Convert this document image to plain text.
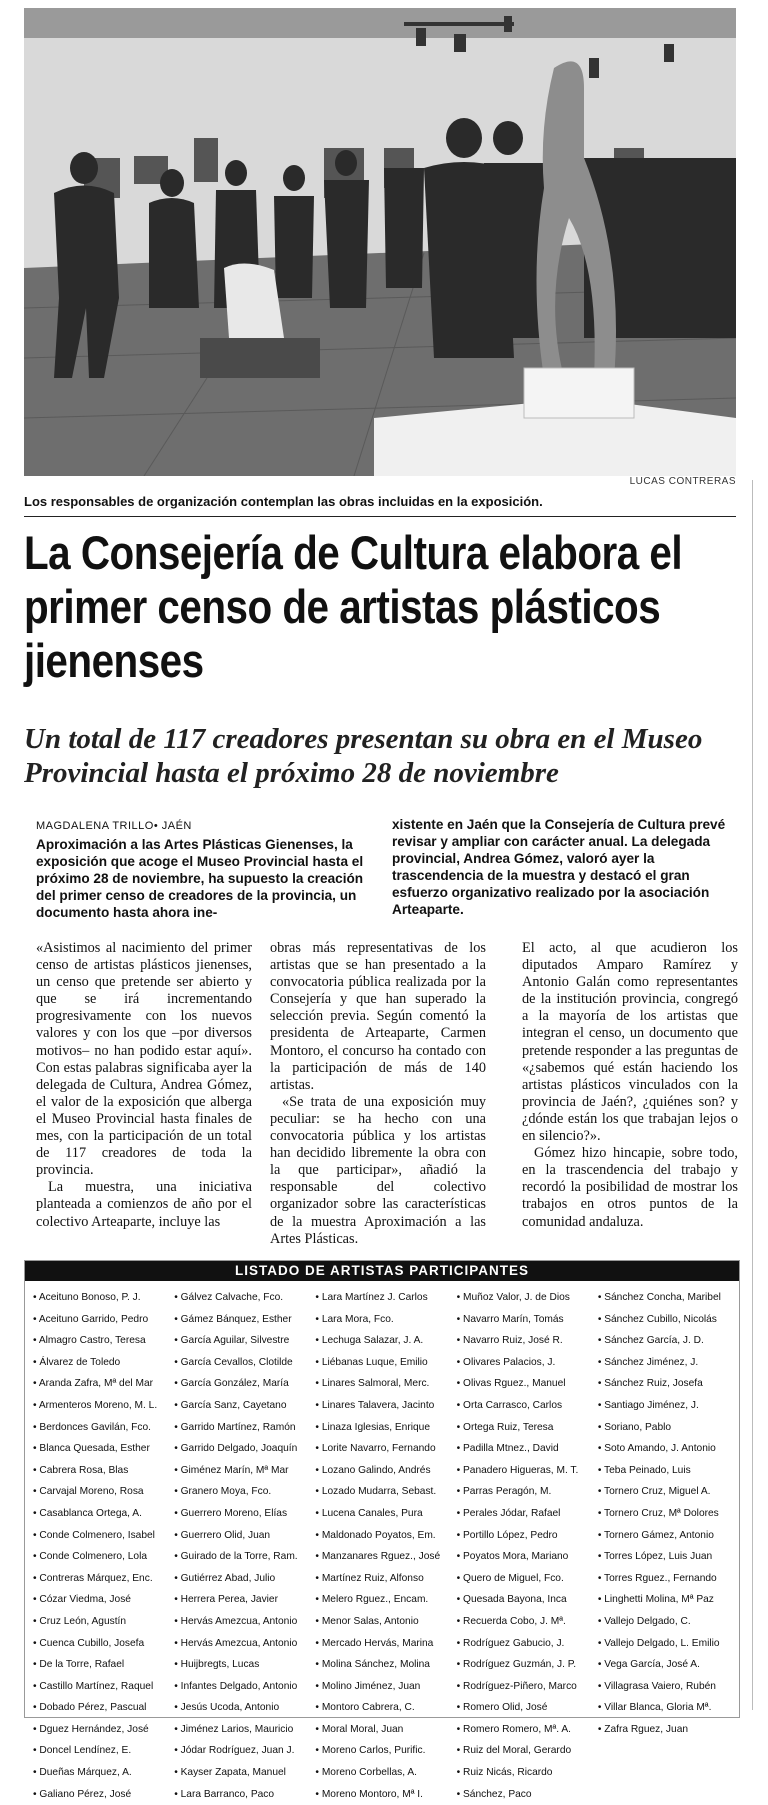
LUCAS CONTRERAS
Los responsables de organización contemplan las obras incluidas en la exposición.
La Consejería de Cultura elabora el primer censo de artistas plásticos jienenses
Un total de 117 creadores presentan su obra en el Museo Provincial hasta el próximo 28 de noviembre
MAGDALENA TRILLO• JAÉN
Aproximación a las Artes Plásticas Gienenses, la exposición que acoge el Museo Provincial hasta el próximo 28 de noviembre, ha supuesto la creación del primer censo de creadores de la provincia, un documento hasta ahora ine-
xistente en Jaén que la Consejería de Cultura prevé revisar y ampliar con carácter anual. La delegada provincial, Andrea Gómez, valoró ayer la trascendencia de la muestra y destacó el gran esfuerzo organizativo realizado por la asociación Arteaparte.

«Asistimos al nacimiento del primer censo de artistas plásticos jienenses, un censo que pretende ser abierto y que se irá incrementando progresivamente con los nuevos valores y con los que –por diversos motivos– no han podido estar aquí». Con estas palabras significaba ayer la delegada de Cultura, Andrea Gómez, el valor de la exposición que alberga el Museo Provincial hasta finales de mes, con la participación de un total de 117 creadores de toda la provincia.

La muestra, una iniciativa planteada a comienzos de año por el colectivo Arteaparte, incluye las

obras más representativas de los artistas que se han presentado a la convocatoria pública realizada por la Consejería y que han superado la selección previa. Según comentó la presidenta de Arteaparte, Carmen Montoro, el concurso ha contado con la participación de más de 140 artistas.

«Se trata de una exposición muy peculiar: se ha hecho con una convocatoria pública y los artistas han decidido libremente la obra con la que participar», añadió la responsable del colectivo organizador sobre las características de la muestra Aproximación a las Artes Plásticas.

El acto, al que acudieron los diputados Amparo Ramírez y Antonio Galán como representantes de la institución provincia, congregó a la mayoría de los artistas que integran el censo, un documento que pretende responder a las preguntas de «¿sabemos qué están haciendo los artistas plásticos vinculados con la provincia de Jaén?, ¿quiénes son? y ¿dónde están los que trabajan lejos o en silencio?».

Gómez hizo hincapie, sobre todo, en la trascendencia del trabajo y recordó la posibilidad de mostrar los trabajos en otros puntos de la comunidad andaluza.

LISTADO DE ARTISTAS PARTICIPANTES
• Aceituno Bonoso, P. J.
• Aceituno Garrido, Pedro
• Almagro Castro, Teresa
• Álvarez de Toledo
• Aranda Zafra, Mª del Mar
• Armenteros Moreno, M. L.
• Berdonces Gavilán, Fco.
• Blanca Quesada, Esther
• Cabrera Rosa, Blas
• Carvajal Moreno, Rosa
• Casablanca Ortega, A.
• Conde Colmenero, Isabel
• Conde Colmenero, Lola
• Contreras Márquez, Enc.
• Cózar Viedma, José
• Cruz León, Agustín
• Cuenca Cubillo, Josefa
• De la Torre, Rafael
• Castillo Martínez, Raquel
• Dobado Pérez, Pascual
• Dguez Hernández, José
• Doncel Lendínez, E.
• Dueñas Márquez, A.
• Galiano Pérez, José
• Gálvez Calvache, Fco.
• Gámez Bánquez, Esther
• García Aguilar, Silvestre
• García Cevallos, Clotilde
• García González, María
• García Sanz, Cayetano
• Garrido Martínez, Ramón
• Garrido Delgado, Joaquín
• Giménez Marín, Mª Mar
• Granero Moya, Fco.
• Guerrero Moreno, Elías
• Guerrero Olid, Juan
• Guirado de la Torre, Ram.
• Gutiérrez Abad, Julio
• Herrera Perea, Javier
• Hervás Amezcua, Antonio
• Hervás Amezcua, Antonio
• Huijbregts, Lucas
• Infantes Delgado, Antonio
• Jesús Ucoda, Antonio
• Jiménez Larios, Mauricio
• Jódar Rodríguez, Juan J.
• Kayser Zapata, Manuel
• Lara Barranco, Paco
• Lara Martínez J. Carlos
• Lara Mora, Fco.
• Lechuga Salazar, J. A.
• Liébanas Luque, Emilio
• Linares Salmoral, Merc.
• Linares Talavera, Jacinto
• Linaza Iglesias, Enrique
• Lorite Navarro, Fernando
• Lozano Galindo, Andrés
• Lozado Mudarra, Sebast.
• Lucena Canales, Pura
• Maldonado Poyatos, Em.
• Manzanares Rguez., José
• Martínez Ruiz, Alfonso
• Melero Rguez., Encam.
• Menor Salas, Antonio
• Mercado Hervás, Marina
• Molina Sánchez, Molina
• Molino Jiménez, Juan
• Montoro Cabrera, C.
• Moral Moral, Juan
• Moreno Carlos, Purific.
• Moreno Corbellas, A.
• Moreno Montoro, Mª I.
• Muñoz Valor, J. de Dios
• Navarro Marín, Tomás
• Navarro Ruiz, José R.
• Olivares Palacios, J.
• Olivas Rguez., Manuel
• Orta Carrasco, Carlos
• Ortega Ruiz, Teresa
• Padilla Mtnez., David
• Panadero Higueras, M. T.
• Parras Peragón, M.
• Perales Jódar, Rafael
• Portillo López, Pedro
• Poyatos Mora, Mariano
• Quero de Miguel, Fco.
• Quesada Bayona, Inca
• Recuerda Cobo, J. Mª.
• Rodríguez Gabucio, J.
• Rodríguez Guzmán, J. P.
• Rodríguez-Piñero, Marco
• Romero Olid, José
• Romero Romero, Mª. A.
• Ruiz del Moral, Gerardo
• Ruiz Nicás, Ricardo
• Sánchez, Paco
• Sánchez Concha, Maribel
• Sánchez Cubillo, Nicolás
• Sánchez García, J. D.
• Sánchez Jiménez, J.
• Sánchez Ruiz, Josefa
• Santiago Jiménez, J.
• Soriano, Pablo
• Soto Amando, J. Antonio
• Teba Peinado, Luis
• Tornero Cruz, Miguel A.
• Tornero Cruz, Mª Dolores
• Tornero Gámez, Antonio
• Torres López, Luis Juan
• Torres Rguez., Fernando
• Linghetti Molina, Mª Paz
• Vallejo Delgado, C.
• Vallejo Delgado, L. Emilio
• Vega García, José A.
• Villagrasa Vaiero, Rubén
• Villar Blanca, Gloria Mª.
• Zafra Rguez, Juan
